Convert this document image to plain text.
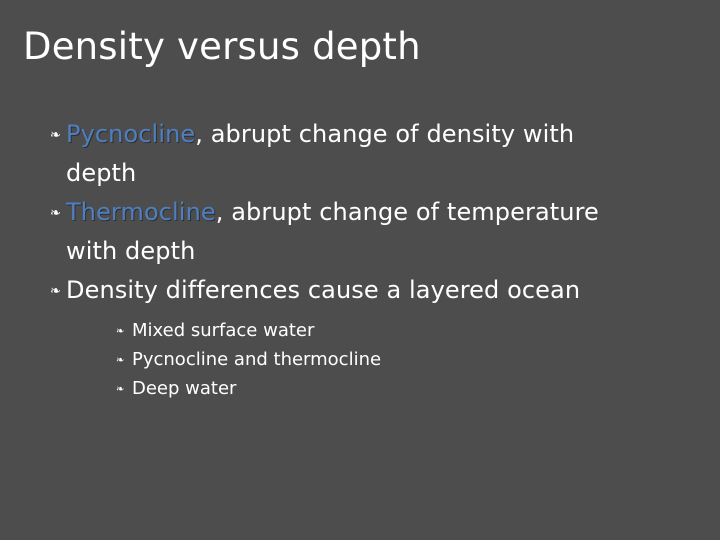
Density versus depth

❧ Pycnocline, abrupt change of density with

depth

❧ Thermocline, abrupt change of temperature

with depth

❧ Density differences cause a layered ocean

❧ Mixed surface water
❧ Pycnocline and thermocline
❧ Deep water
